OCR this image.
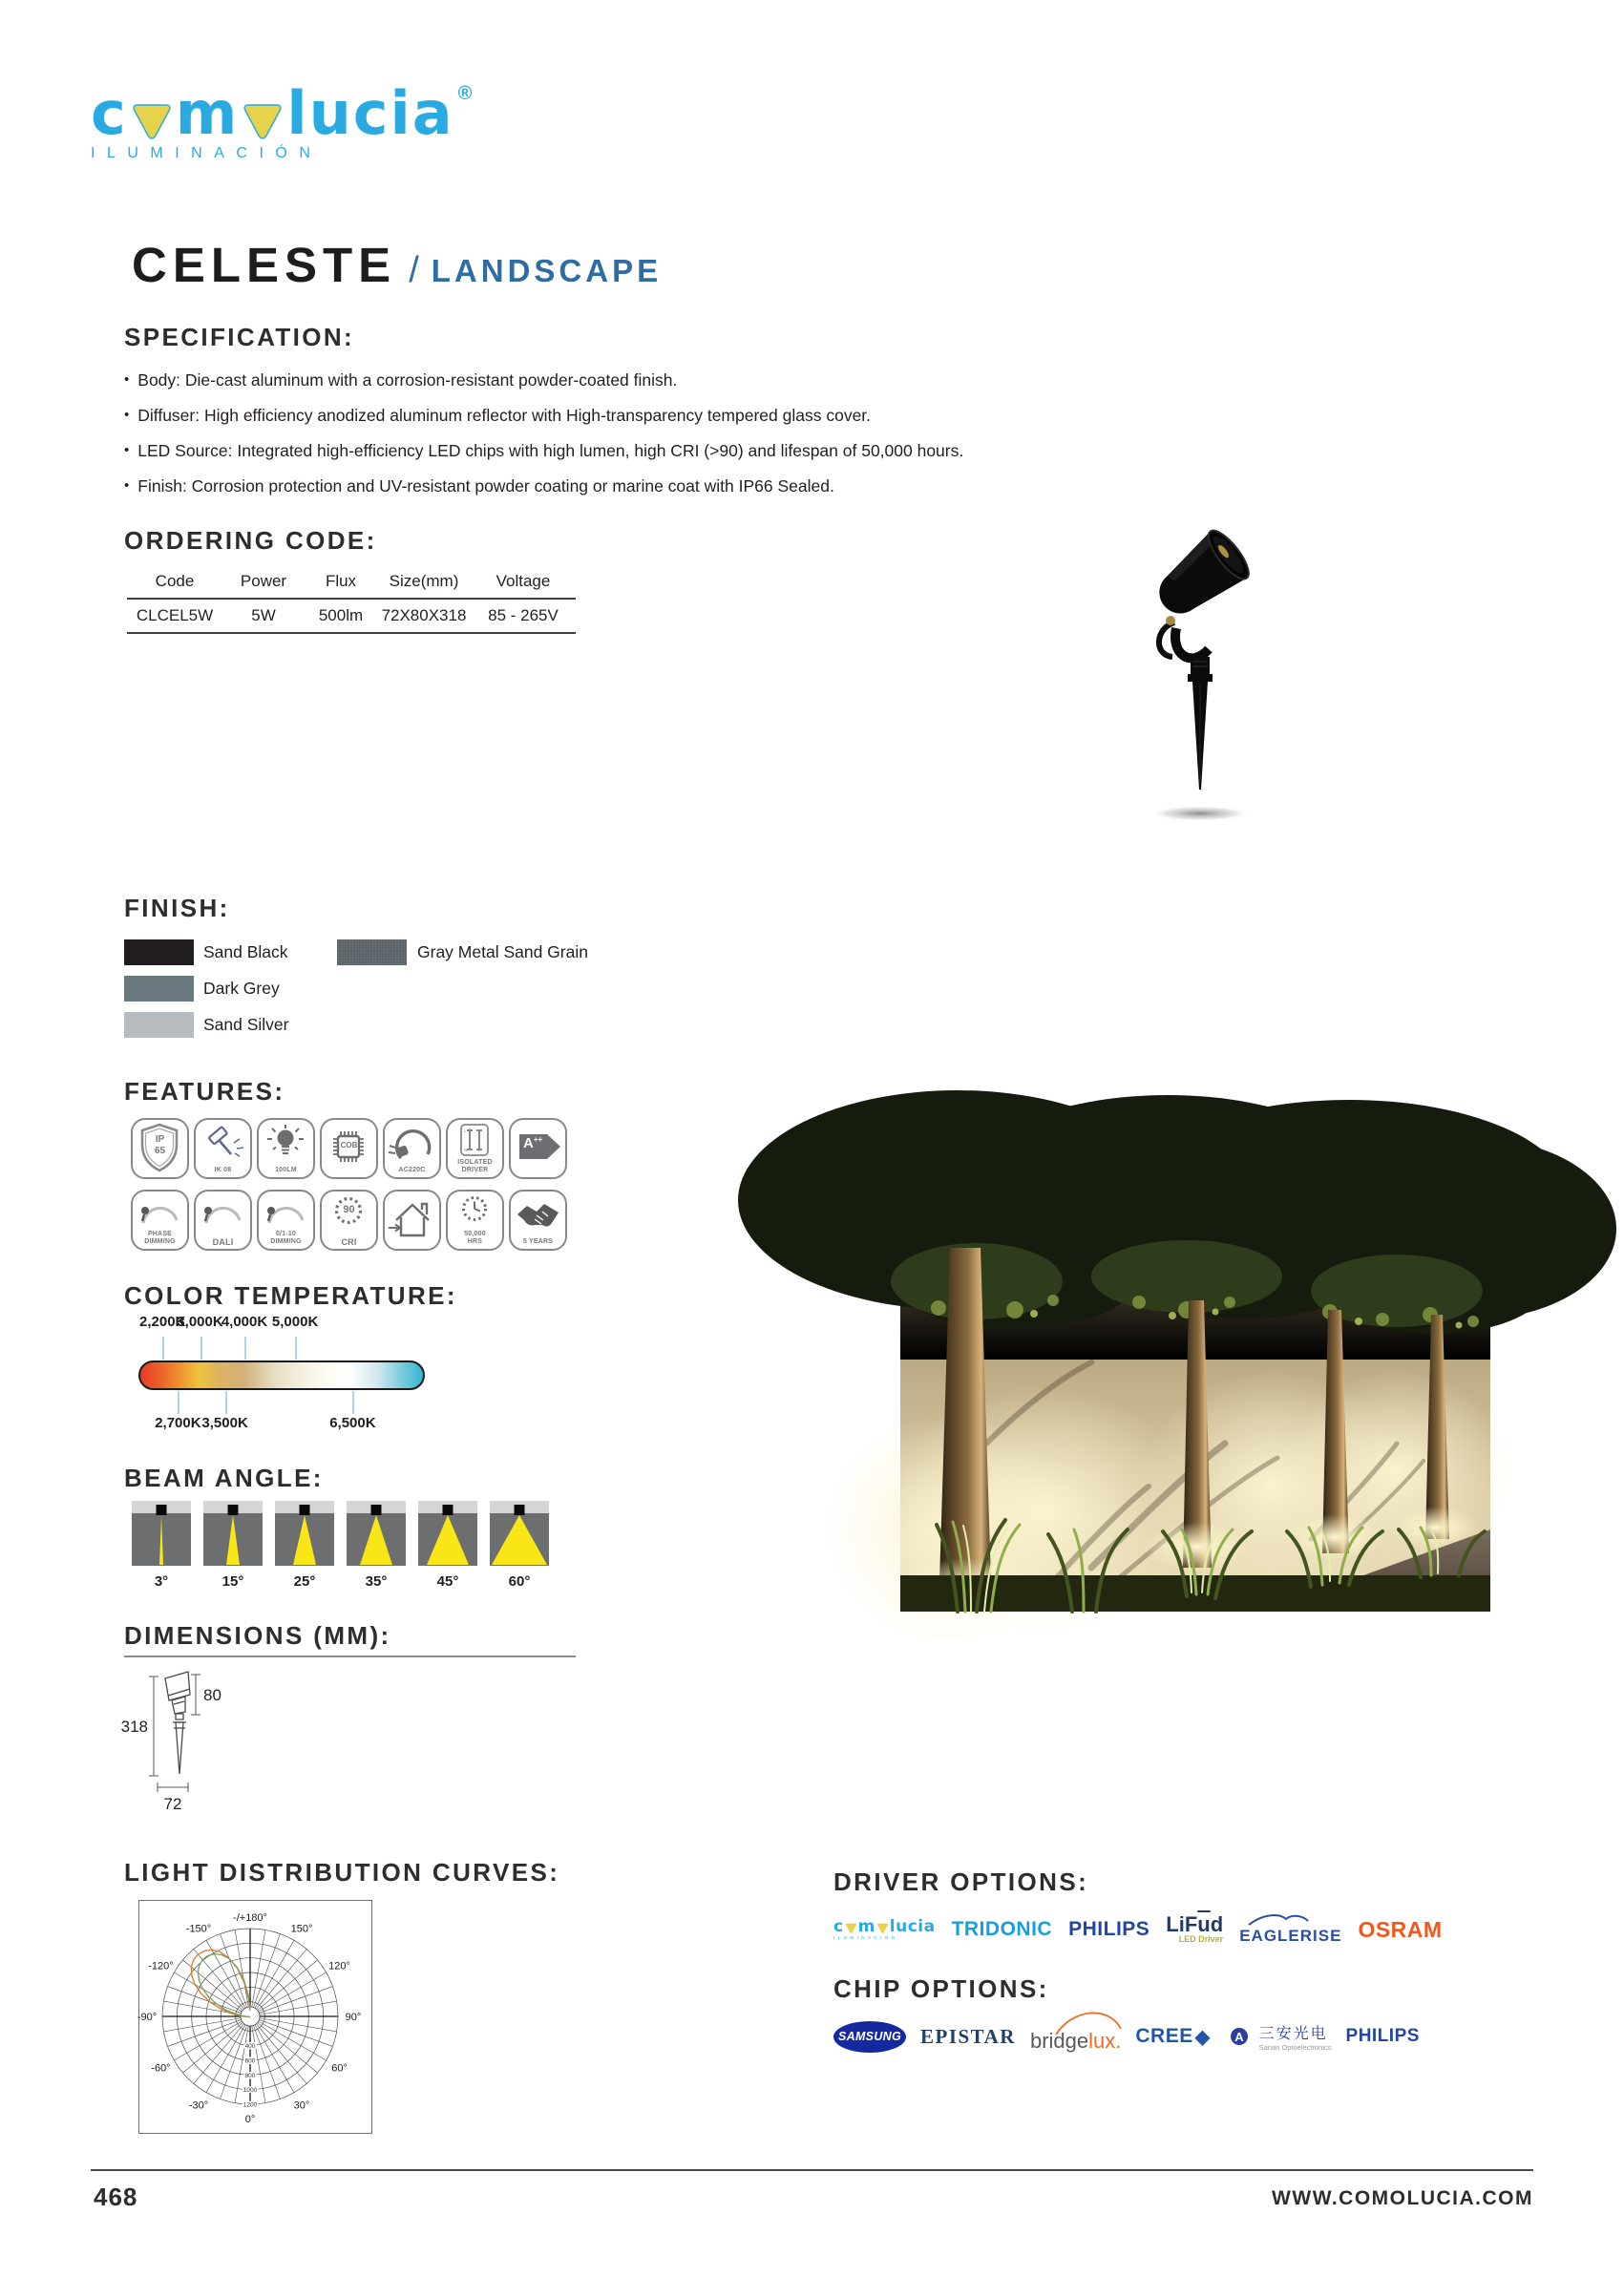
c m lucia ®
ILUMINACIÓN
CELESTE / LANDSCAPE
SPECIFICATION:
• Body: Die-cast aluminum with a corrosion-resistant powder-coated finish.
• Diffuser: High efficiency anodized aluminum reflector with High-transparency tempered glass cover.
• LED Source: Integrated high-efficiency LED chips with high lumen, high CRI (>90) and lifespan of 50,000 hours.
• Finish: Corrosion protection and UV-resistant powder coating or marine coat with IP66 Sealed.
ORDERING CODE:
Code	Power	Flux	Size(mm)	Voltage
CLCEL5W	5W	500lm	72X80X318	85 - 265V
FINISH:
Sand Black
Dark Grey
Sand Silver
Gray Metal Sand Grain
FEATURES:
IP
65
IK 08	100LM
COB
AC220C
L
N
ISOLATED
DRIVER
A++
PHASE
DIMMING	DALI
0/1-10
DIMMING
90
CRI
50,000
HRS	5 YEARS
COLOR TEMPERATURE:
2,200K
3,000K
4,000K 5,000K
2,700K 3,500K	6,500K
BEAM ANGLE:
3°	15°	25°	35°	45°	60°
DIMENSIONS (MM):
318
80
72
LIGHT DISTRIBUTION CURVES:
400
600
800
1000
1200
-150°
-120°
-90°
-60°
-30°
0°
30°
60°
90°
120°
150°
-/+180°
DRIVER OPTIONS:
c m lucia
ILUMINACIÓN	TRIDONIC PHILIPS $LiF\overline{u}d$
LED Driver EAGLERISE OSRAM
CHIP OPTIONS:
SAMSUNG EPISTAR bridgelux. CREE ◆ A 三安光电
Sanan Optoelectronics
PHILIPS
468	WWW.COMOLUCIA.COM
